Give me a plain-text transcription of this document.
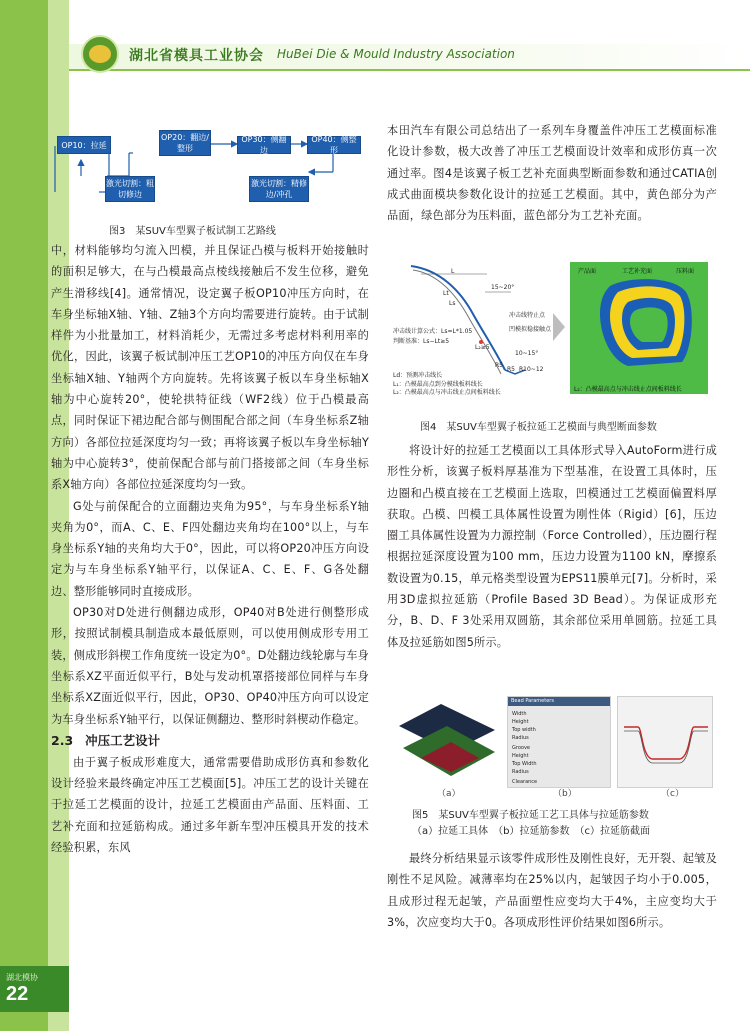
湖北省模具工业协会 HuBei Die & Mould Industry Association
OP10：拉延
OP20：翻边/整形
OP30：侧翻边
OP40：侧整形
激光切割：粗切修边
激光切割：精修边/冲孔
图3　某SUV车型翼子板试制工艺路线

中，材料能够均匀流入凹模，并且保证凸模与板料开始接触时的面积足够大，在与凸模最高点棱线接触后不发生位移，避免产生滑移线[4]。通常情况，设定翼子板OP10冲压方向时，在车身坐标轴X轴、Y轴、Z轴3个方向均需要进行旋转。由于试制样件为小批量加工，材料消耗少，无需过多考虑材料利用率的优化，因此，该翼子板试制冲压工艺OP10的冲压方向仅在车身坐标轴X轴、Y轴两个方向旋转。先将该翼子板以车身坐标轴X轴为中心旋转20°，使轮拱特征线（WF2线）位于凸模最高点，同时保证下裙边配合部与侧围配合部之间（车身坐标系Z轴方向）各部位拉延深度均匀一致；再将该翼子板以车身坐标轴Y轴为中心旋转3°，使前保配合部与前门搭接部之间（车身坐标系X轴方向）各部位拉延深度均匀一致。

G处与前保配合的立面翻边夹角为95°，与车身坐标系Y轴夹角为0°，而A、C、E、F四处翻边夹角均在100°以上，与车身坐标系Y轴的夹角均大于0°，因此，可以将OP20冲压方向设定为与车身坐标系Y轴平行，以保证A、C、E、F、G各处翻边、整形能够同时直接成形。

OP30对D处进行侧翻边成形，OP40对B处进行侧整形成形，按照试制模具制造成本最低原则，可以使用侧成形专用工装，侧成形斜楔工作角度统一设定为0°。D处翻边线轮廓与车身坐标系XZ平面近似平行，B处与发动机罩搭接部位同样与车身坐标系XZ面近似平行，因此，OP30、OP40冲压方向可以设定为车身坐标系Y轴平行，以保证侧翻边、整形时斜楔动作稳定。

2.3 冲压工艺设计

由于翼子板成形难度大，通常需要借助成形仿真和参数化设计经验来最终确定冲压工艺模面[5]。冲压工艺的设计关键在于拉延工艺模面的设计，拉延工艺模面由产品面、压料面、工艺补充面和拉延筋构成。通过多年新车型冲压模具开发的技术经验积累，东风

本田汽车有限公司总结出了一系列车身覆盖件冲压工艺模面标准化设计参数，极大改善了冲压工艺模面设计效率和成形仿真一次通过率。图4是该翼子板工艺补充面典型断面参数和通过CATIA创成式曲面模块参数化设计的拉延工艺模面。其中，黄色部分为产品面，绿色部分为压料面，蓝色部分为工艺补充面。

L
15~20°
Lt
Ls
冲击线特止点
凹模拟稳接触点
冲击线计算公式：Ls=L*1.05
判断基准：Ls−Lt≥5
L₂≥5
10~15°
R5
R5 R10~12
Ld：预测冲击线长
L₁：凸模最高点到分模线板料线长
L₂：凸模最高点与冲击线止点间板料线长
产品面	工艺补充面	压料面
L₂：凸模最高点与冲击线止点间板料线长
图4　某SUV车型翼子板拉延工艺模面与典型断面参数

将设计好的拉延工艺模面以工具体形式导入AutoForm进行成形性分析，该翼子板料厚基准为下型基准，在设置工具体时，压边圈和凸模直接在工艺模面上选取，凹模通过工艺模面偏置料厚获取。凸模、凹模工具体属性设置为刚性体（Rigid）[6]，压边圈工具体属性设置为力源控制（Force Controlled），压边圈行程根据拉延深度设置为100 mm，压边力设置为1100 kN，摩擦系数设置为0.15，单元格类型设置为EPS11膜单元[7]。分析时，采用3D虚拟拉延筋（Profile Based 3D Bead）。为保证成形充分，B、D、F 3处采用双圆筋，其余部位采用单圆筋。拉延工具体及拉延筋如图5所示。

Bead Parameters
Width
Height
Top width
Radius
Groove
Height
Top Width
Radius
Clearance
（a）	（b）	（c）
图5　某SUV车型翼子板拉延工艺工具体与拉延筋参数
（a）拉延工具体　（b）拉延筋参数　（c）拉延筋截面

最终分析结果显示该零件成形性及刚性良好，无开裂、起皱及刚性不足风险。减薄率均在25%以内，起皱因子均小于0.005，且成形过程无起皱，产品面塑性应变均大于4%，主应变均大于3%，次应变均大于0。各项成形性评价结果如图6所示。

湖北模协
22
